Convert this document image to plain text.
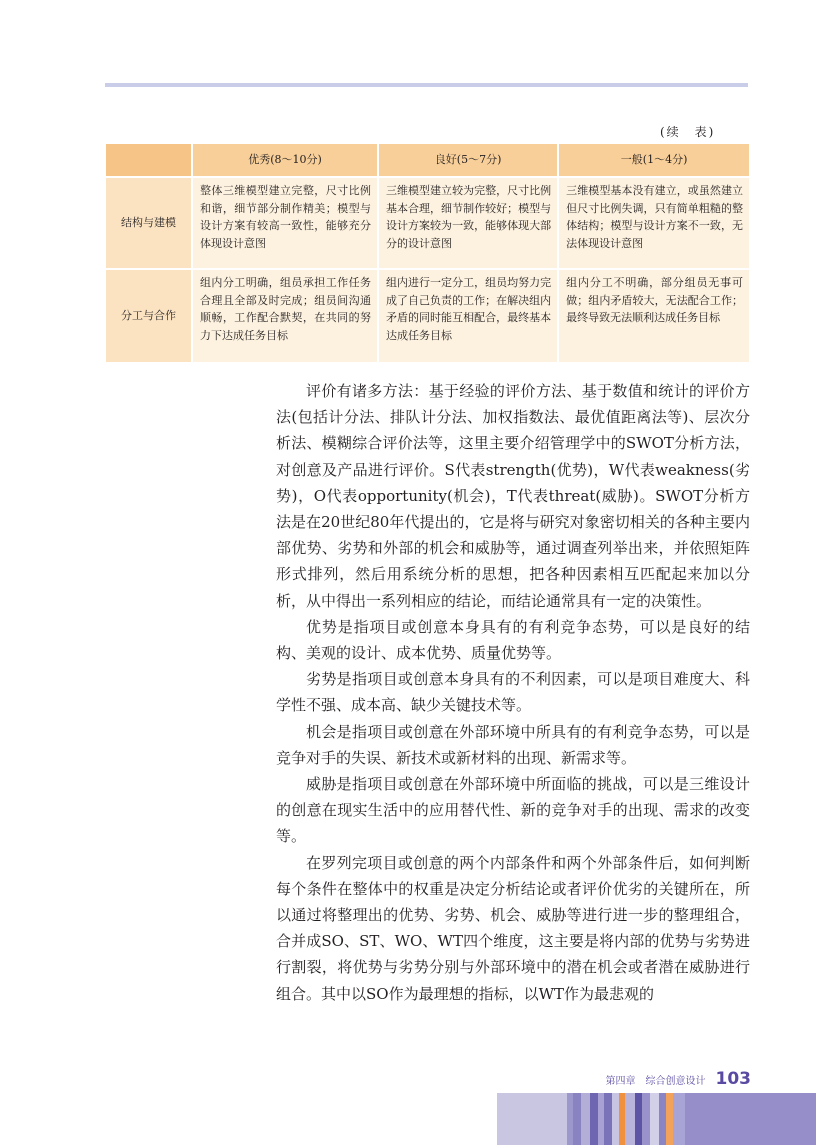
(续　表)
	优秀(8～10分)	良好(5～7分)	一般(1～4分)
结构与建模	整体三维模型建立完整，尺寸比例和谐，细节部分制作精美；模型与设计方案有较高一致性，能够充分体现设计意图	三维模型建立较为完整，尺寸比例基本合理，细节制作较好；模型与设计方案较为一致，能够体现大部分的设计意图	三维模型基本没有建立，或虽然建立但尺寸比例失调，只有简单粗糙的整体结构；模型与设计方案不一致，无法体现设计意图
分工与合作	组内分工明确，组员承担工作任务合理且全部及时完成；组员间沟通顺畅，工作配合默契，在共同的努力下达成任务目标	组内进行一定分工，组员均努力完成了自己负责的工作；在解决组内矛盾的同时能互相配合，最终基本达成任务目标	组内分工不明确，部分组员无事可做；组内矛盾较大，无法配合工作；最终导致无法顺利达成任务目标

评价有诸多方法：基于经验的评价方法、基于数值和统计的评价方法(包括计分法、排队计分法、加权指数法、最优值距离法等)、层次分析法、模糊综合评价法等，这里主要介绍管理学中的SWOT分析方法，对创意及产品进行评价。S代表strength(优势)，W代表weakness(劣势)，O代表opportunity(机会)，T代表threat(威胁)。SWOT分析方法是在20世纪80年代提出的，它是将与研究对象密切相关的各种主要内部优势、劣势和外部的机会和威胁等，通过调查列举出来，并依照矩阵形式排列，然后用系统分析的思想，把各种因素相互匹配起来加以分析，从中得出一系列相应的结论，而结论通常具有一定的决策性。

优势是指项目或创意本身具有的有利竞争态势，可以是良好的结构、美观的设计、成本优势、质量优势等。

劣势是指项目或创意本身具有的不利因素，可以是项目难度大、科学性不强、成本高、缺少关键技术等。

机会是指项目或创意在外部环境中所具有的有利竞争态势，可以是竞争对手的失误、新技术或新材料的出现、新需求等。

威胁是指项目或创意在外部环境中所面临的挑战，可以是三维设计的创意在现实生活中的应用替代性、新的竞争对手的出现、需求的改变等。

在罗列完项目或创意的两个内部条件和两个外部条件后，如何判断每个条件在整体中的权重是决定分析结论或者评价优劣的关键所在，所以通过将整理出的优势、劣势、机会、威胁等进行进一步的整理组合，合并成SO、ST、WO、WT四个维度，这主要是将内部的优势与劣势进行割裂，将优势与劣势分别与外部环境中的潜在机会或者潜在威胁进行组合。其中以SO作为最理想的指标，以WT作为最悲观的

第四章　综合创意设计 103
